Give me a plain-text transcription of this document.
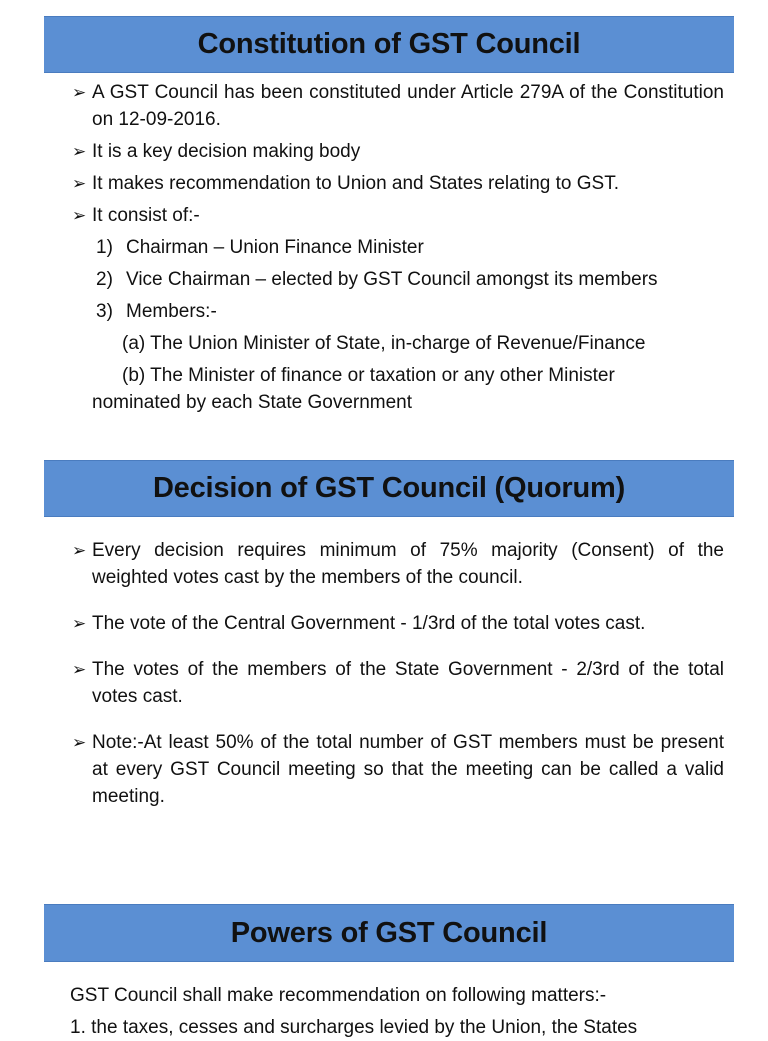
Constitution of GST Council
➢ A GST Council has been constituted under Article 279A of the Constitution on 12-09-2016.
➢ It is a key decision making body
➢ It makes recommendation to Union and States relating to GST.
➢ It consist of:-
1) Chairman – Union Finance Minister
2) Vice Chairman – elected by GST Council amongst its members
3) Members:-
(a) The Union Minister of State, in-charge of Revenue/Finance
(b) The Minister of finance or taxation or any other Minister
nominated by each State Government
Decision of GST Council (Quorum)
➢ Every decision requires minimum of 75% majority (Consent) of the weighted votes cast by the members of the council.
➢ The vote of the Central Government - 1/3rd of the total votes cast.
➢ The votes of the members of the State Government - 2/3rd of the total votes cast.
➢ Note:-At least 50% of the total number of GST members must be present at every GST Council meeting so that the meeting can be called a valid meeting.
Powers of GST Council
GST Council shall make recommendation on following matters:-
1. the taxes, cesses and surcharges levied by the Union, the States
